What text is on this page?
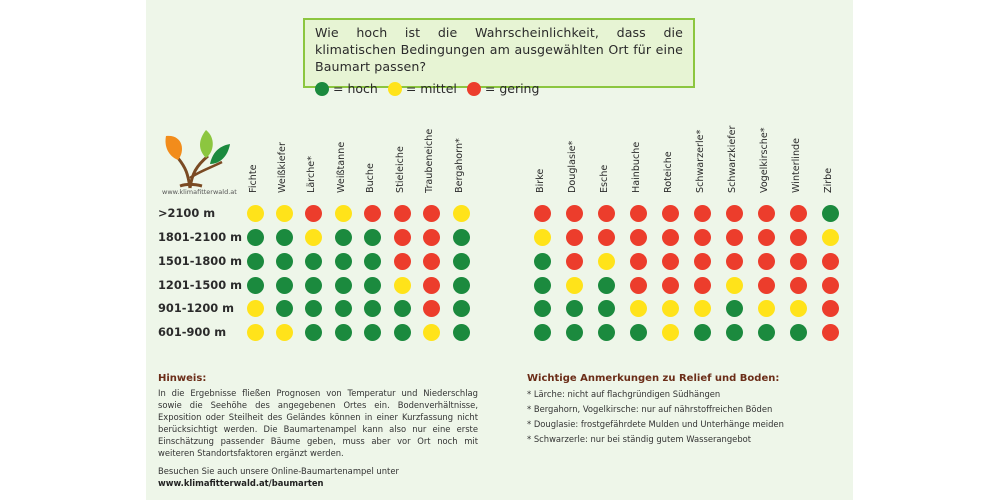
Wie hoch ist die Wahrscheinlichkeit, dass die klimatischen Bedingungen am ausgewählten Ort für eine Baumart passen?
= hoch = mittel = gering
www.klimafitterwald.at
Hinweis:
In die Ergebnisse fließen Prognosen von Temperatur und Niederschlag sowie die Seehöhe des angegebenen Ortes ein. Bodenverhältnisse, Exposition oder Steilheit des Geländes können in einer Kurzfassung nicht berücksichtigt werden. Die Baumartenampel kann also nur eine erste Einschätzung passender Bäume geben, muss aber vor Ort noch mit weiteren Standortsfaktoren ergänzt werden.
Besuchen Sie auch unsere Online-Baumartenampel unter
www.klimafitterwald.at/baumarten
Wichtige Anmerkungen zu Relief und Boden:
* Lärche: nicht auf flachgründigen Südhängen
* Bergahorn, Vogelkirsche: nur auf nährstoffreichen Böden
* Douglasie: frostgefährdete Mulden und Unterhänge meiden
* Schwarzerle: nur bei ständig gutem Wasserangebot
>2100 m
1801-2100 m
1501-1800 m
1201-1500 m
901-1200 m
601-900 m
Fichte Weißkiefer Lärche* Weißtanne Buche Stieleiche Traubeneiche Bergahorn*	Birke Douglasie* Esche Hainbuche Roteiche Schwarzerle* Schwarzkiefer Vogelkirsche* Winterlinde Zirbe
